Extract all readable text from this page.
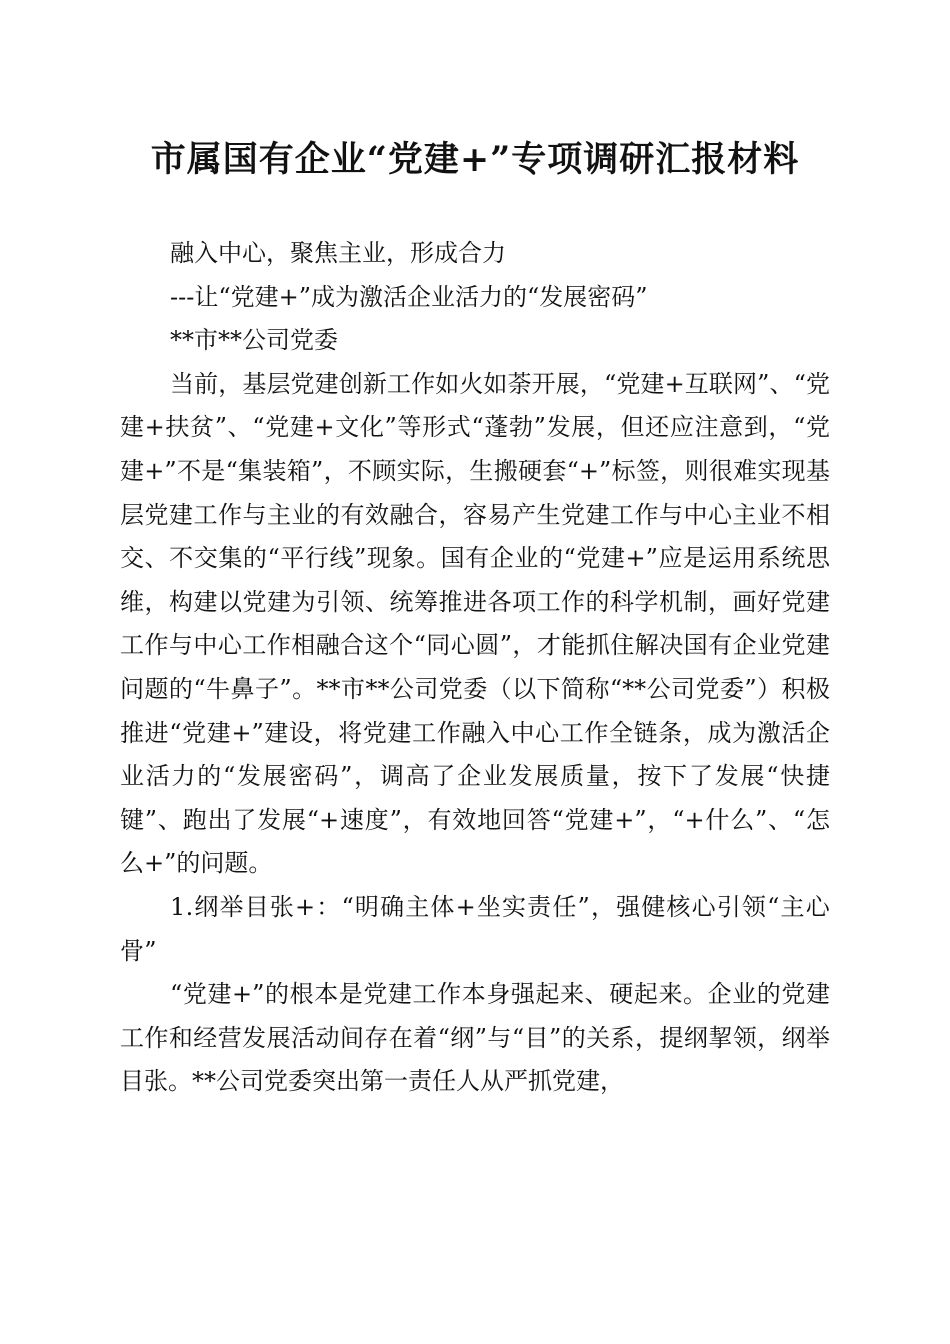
市属国有企业“党建+”专项调研汇报材料

融入中心，聚焦主业，形成合力

---让“党建+”成为激活企业活力的“发展密码”

**市**公司党委

当前，基层党建创新工作如火如荼开展，“党建+互联网”、“党建+扶贫”、“党建+文化”等形式“蓬勃”发展，但还应注意到，“党建+”不是“集装箱”，不顾实际，生搬硬套“+”标签，则很难实现基层党建工作与主业的有效融合，容易产生党建工作与中心主业不相交、不交集的“平行线”现象。国有企业的“党建+”应是运用系统思维，构建以党建为引领、统筹推进各项工作的科学机制，画好党建工作与中心工作相融合这个“同心圆”，才能抓住解决国有企业党建问题的“牛鼻子”。**市**公司党委（以下简称“**公司党委”）积极推进“党建+”建设，将党建工作融入中心工作全链条，成为激活企业活力的“发展密码”，调高了企业发展质量，按下了发展“快捷键”、跑出了发展“+速度”，有效地回答“党建+”，“+什么”、“怎么+”的问题。

1.纲举目张+：“明确主体+坐实责任”，强健核心引领“主心骨”

“党建+”的根本是党建工作本身强起来、硬起来。企业的党建工作和经营发展活动间存在着“纲”与“目”的关系，提纲挈领，纲举目张。**公司党委突出第一责任人从严抓党建，
